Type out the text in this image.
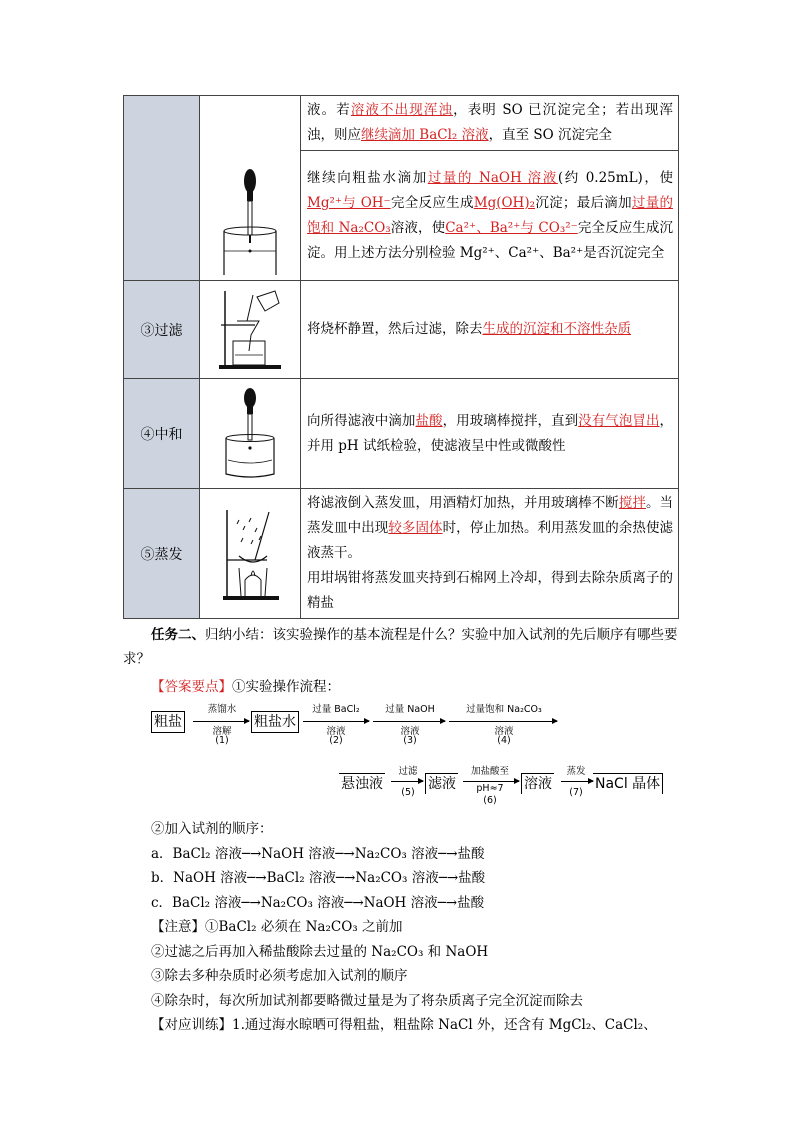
		液。若溶液不出现浑浊，表明 SO 已沉淀完全；若出现浑浊，则应继续滴加 BaCl₂ 溶液，直至 SO 沉淀完全
		继续向粗盐水滴加过量的 NaOH 溶液(约 0.25mL)，使Mg²⁺与 OH⁻完全反应生成Mg(OH)₂沉淀；最后滴加过量的饱和 Na₂CO₃溶液，使Ca²⁺、Ba²⁺与 CO₃²⁻完全反应生成沉淀。用上述方法分别检验 Mg²⁺、Ca²⁺、Ba²⁺是否沉淀完全
③过滤		将烧杯静置，然后过滤，除去生成的沉淀和不溶性杂质
④中和		向所得滤液中滴加盐酸，用玻璃棒搅拌，直到没有气泡冒出，并用 pH 试纸检验，使滤液呈中性或微酸性
⑤蒸发		将滤液倒入蒸发皿，用酒精灯加热，并用玻璃棒不断搅拌。当蒸发皿中出现较多固体时，停止加热。利用蒸发皿的余热使滤液蒸干。
用坩埚钳将蒸发皿夹持到石棉网上冷却，得到去除杂质离子的精盐

任务二、归纳小结：该实验操作的基本流程是什么？实验中加入试剂的先后顺序有哪些要求？

【答案要点】①实验操作流程：

粗盐
蒸馏水
溶解
(1)
粗盐水
过量 BaCl₂
溶液
(2)
过量 NaOH
溶液
(3)
过量饱和 Na₂CO₃
溶液
(4)
悬浊液
过滤
(5)
滤液
加盐酸至
pH≈7
(6)
溶液
蒸发
(7)
NaCl 晶体

②加入试剂的顺序：

a．BaCl₂ 溶液─→NaOH 溶液─→Na₂CO₃ 溶液─→盐酸

b．NaOH 溶液─→BaCl₂ 溶液─→Na₂CO₃ 溶液─→盐酸

c．BaCl₂ 溶液─→Na₂CO₃ 溶液─→NaOH 溶液─→盐酸

【注意】①BaCl₂ 必须在 Na₂CO₃ 之前加

②过滤之后再加入稀盐酸除去过量的 Na₂CO₃ 和 NaOH

③除去多种杂质时必须考虑加入试剂的顺序

④除杂时，每次所加试剂都要略微过量是为了将杂质离子完全沉淀而除去

【对应训练】1.通过海水晾晒可得粗盐，粗盐除 NaCl 外，还含有 MgCl₂、CaCl₂、
